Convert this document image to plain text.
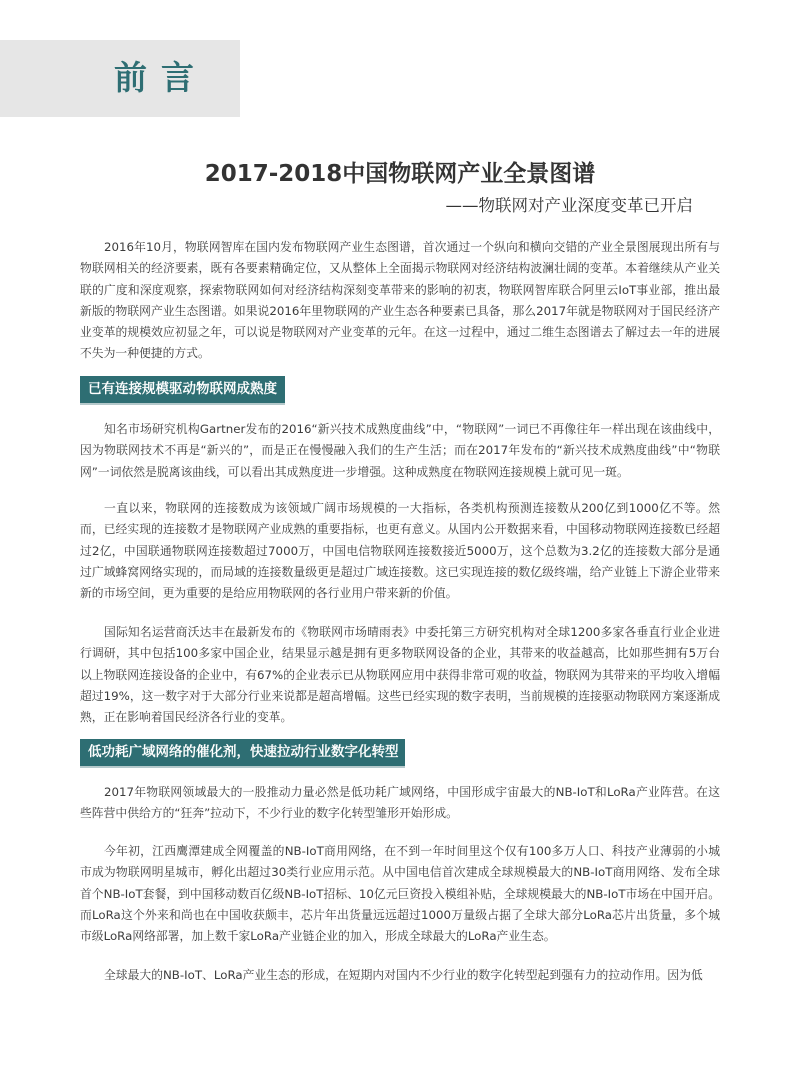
前言
2017-2018中国物联网产业全景图谱
——物联网对产业深度变革已开启

2016年10月，物联网智库在国内发布物联网产业生态图谱，首次通过一个纵向和横向交错的产业全景图展现出所有与物联网相关的经济要素，既有各要素精确定位，又从整体上全面揭示物联网对经济结构波澜壮阔的变革。本着继续从产业关联的广度和深度观察，探索物联网如何对经济结构深刻变革带来的影响的初衷，物联网智库联合阿里云IoT事业部，推出最新版的物联网产业生态图谱。如果说2016年里物联网的产业生态各种要素已具备，那么2017年就是物联网对于国民经济产业变革的规模效应初显之年，可以说是物联网对产业变革的元年。在这一过程中，通过二维生态图谱去了解过去一年的进展不失为一种便捷的方式。

已有连接规模驱动物联网成熟度

知名市场研究机构Gartner发布的2016“新兴技术成熟度曲线”中，“物联网”一词已不再像往年一样出现在该曲线中，因为物联网技术不再是“新兴的”，而是正在慢慢融入我们的生产生活；而在2017年发布的“新兴技术成熟度曲线”中“物联网”一词依然是脱离该曲线，可以看出其成熟度进一步增强。这种成熟度在物联网连接规模上就可见一斑。

一直以来，物联网的连接数成为该领域广阔市场规模的一大指标，各类机构预测连接数从200亿到1000亿不等。然而，已经实现的连接数才是物联网产业成熟的重要指标，也更有意义。从国内公开数据来看，中国移动物联网连接数已经超过2亿，中国联通物联网连接数超过7000万，中国电信物联网连接数接近5000万，这个总数为3.2亿的连接数大部分是通过广域蜂窝网络实现的，而局域的连接数量级更是超过广域连接数。这已实现连接的数亿级终端，给产业链上下游企业带来新的市场空间，更为重要的是给应用物联网的各行业用户带来新的价值。

国际知名运营商沃达丰在最新发布的《物联网市场晴雨表》中委托第三方研究机构对全球1200多家各垂直行业企业进行调研，其中包括100多家中国企业，结果显示越是拥有更多物联网设备的企业，其带来的收益越高，比如那些拥有5万台以上物联网连接设备的企业中，有67%的企业表示已从物联网应用中获得非常可观的收益，物联网为其带来的平均收入增幅超过19%，这一数字对于大部分行业来说都是超高增幅。这些已经实现的数字表明，当前规模的连接驱动物联网方案逐渐成熟，正在影响着国民经济各行业的变革。

低功耗广域网络的催化剂，快速拉动行业数字化转型

2017年物联网领域最大的一股推动力量必然是低功耗广域网络，中国形成宇宙最大的NB-IoT和LoRa产业阵营。在这些阵营中供给方的“狂奔”拉动下，不少行业的数字化转型雏形开始形成。

今年初，江西鹰潭建成全网覆盖的NB-IoT商用网络，在不到一年时间里这个仅有100多万人口、科技产业薄弱的小城市成为物联网明星城市，孵化出超过30类行业应用示范。从中国电信首次建成全球规模最大的NB-IoT商用网络、发布全球首个NB-IoT套餐，到中国移动数百亿级NB-IoT招标、10亿元巨资投入模组补贴，全球规模最大的NB-IoT市场在中国开启。而LoRa这个外来和尚也在中国收获颇丰，芯片年出货量远远超过1000万量级占据了全球大部分LoRa芯片出货量，多个城市级LoRa网络部署，加上数千家LoRa产业链企业的加入，形成全球最大的LoRa产业生态。

全球最大的NB-IoT、LoRa产业生态的形成，在短期内对国内不少行业的数字化转型起到强有力的拉动作用。因为低
